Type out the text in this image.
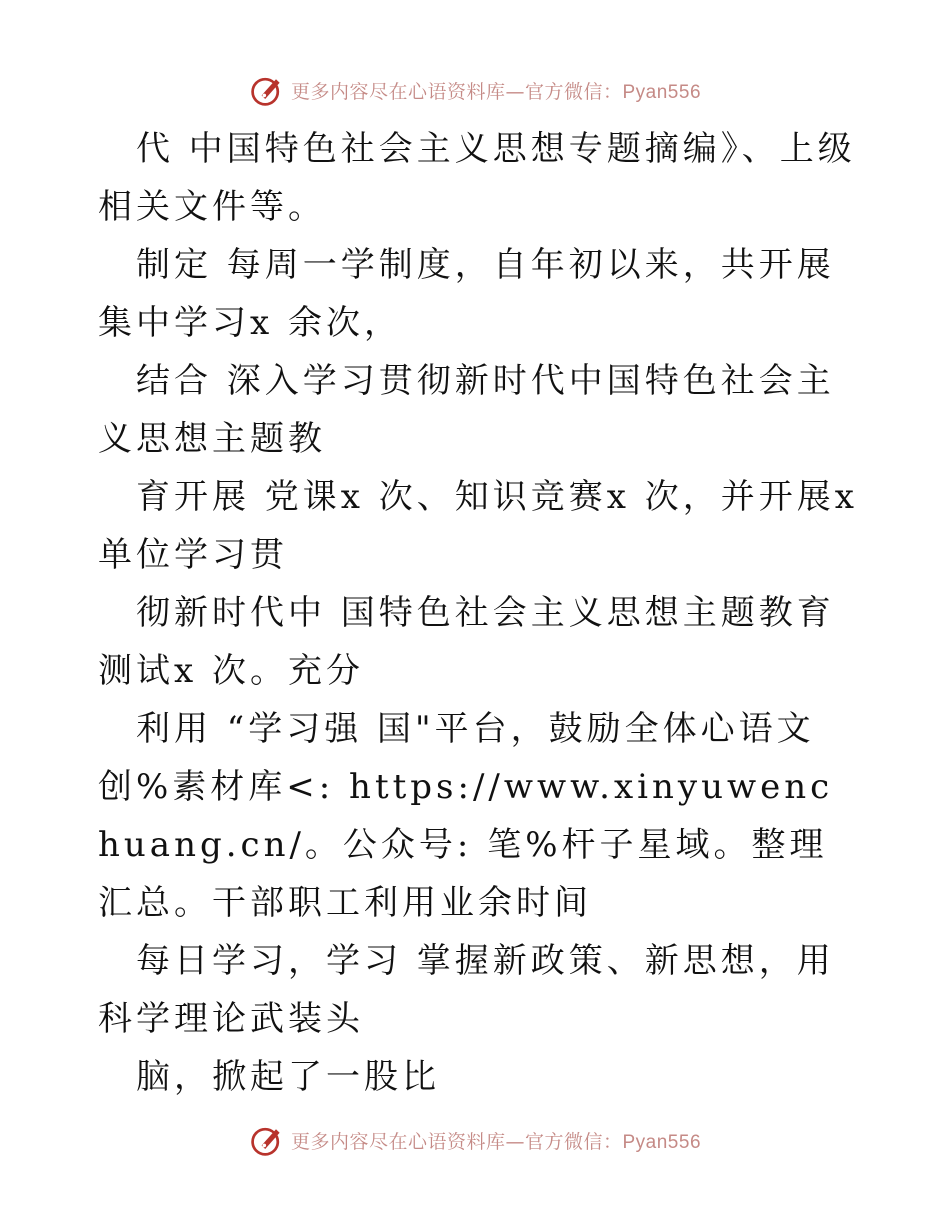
更多内容尽在心语资料库—官方微信：Pyan556

代 中国特色社会主义思想专题摘编》、上级相关文件等。

制定 每周一学制度，自年初以来，共开展集中学习x 余次，

结合 深入学习贯彻新时代中国特色社会主义思想主题教

育开展 党课x 次、知识竞赛x 次，并开展x 单位学习贯

彻新时代中 国特色社会主义思想主题教育测试x 次。充分

利用 “学习强 国"平台，鼓励全体心语文创%素材库<: https://www.xinyuwenchuang.cn/。公众号: 笔%杆子星域。整理汇总。干部职工利用业余时间

每日学习，学习 掌握新政策、新思想，用科学理论武装头

脑，掀起了一股比

更多内容尽在心语资料库—官方微信：Pyan556
